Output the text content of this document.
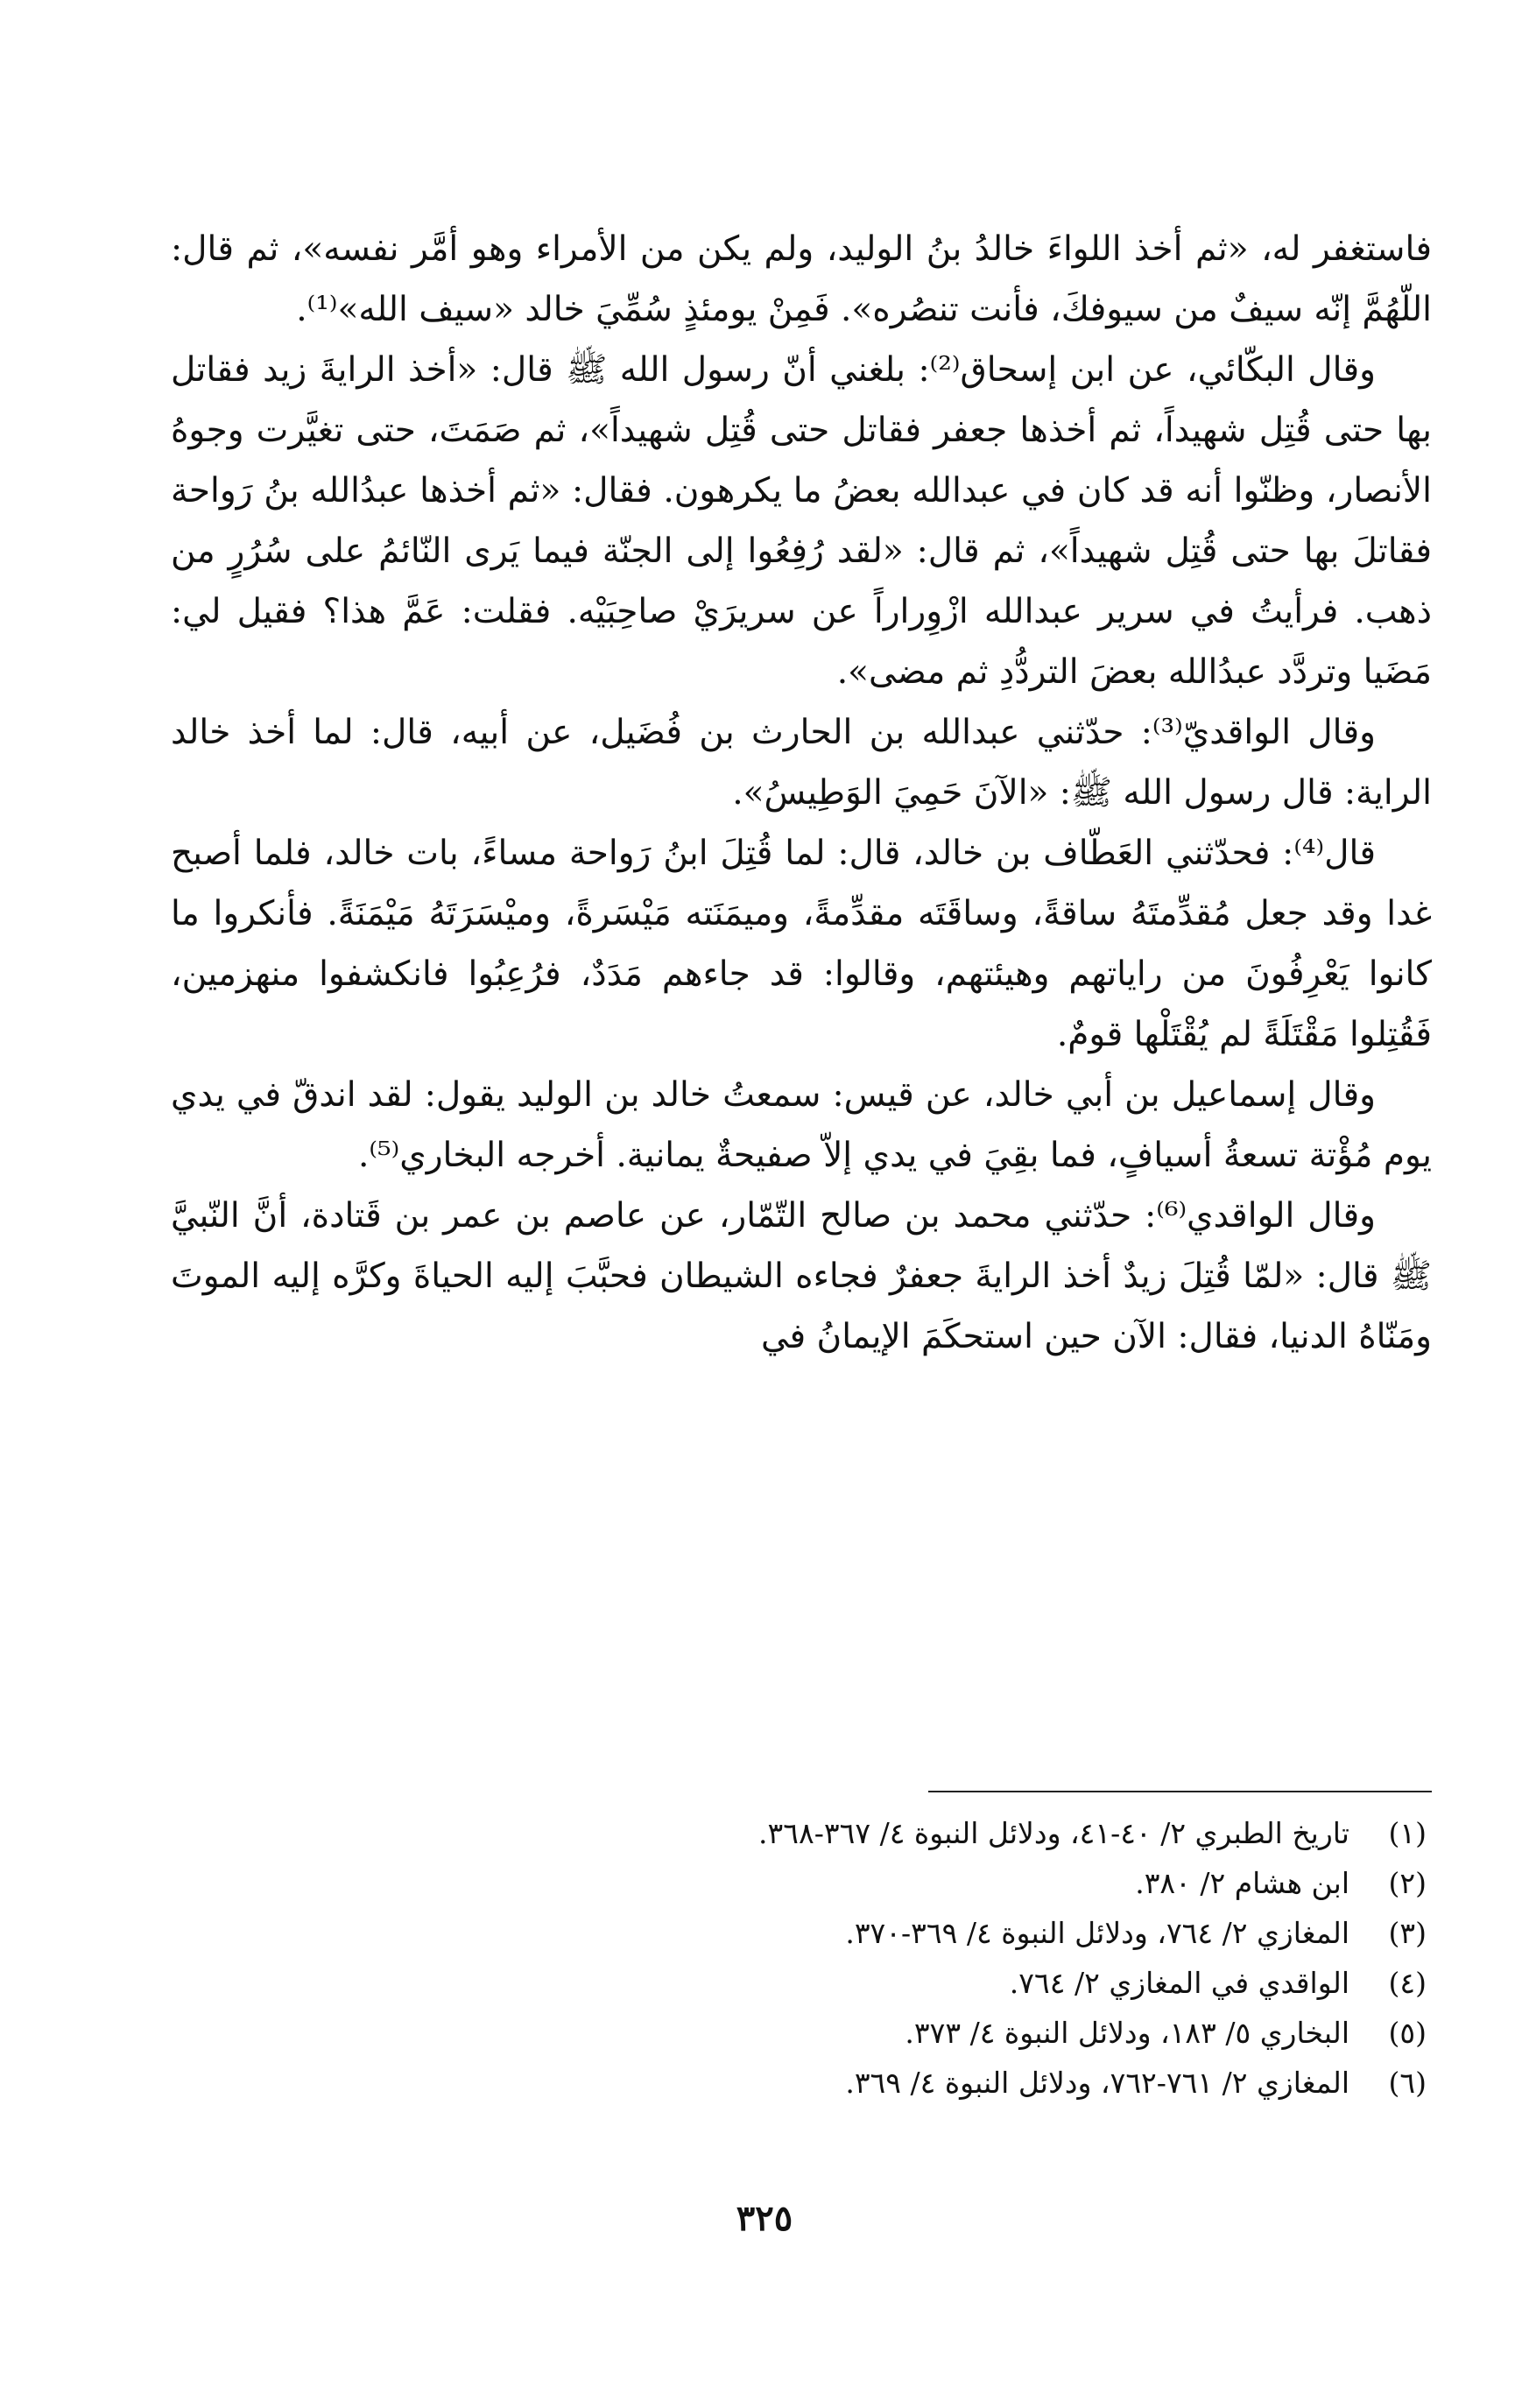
فاستغفر له، «ثم أخذ اللواءَ خالدُ بنُ الوليد، ولم يكن من الأمراء وهو أمَّر نفسه»، ثم قال: اللّهُمَّ إنّه سيفٌ من سيوفكَ، فأنت تنصُره». فَمِنْ يومئذٍ سُمِّيَ خالد «سيف الله»⁽¹⁾.

وقال البكّائي، عن ابن إسحاق⁽²⁾: بلغني أنّ رسول الله ﷺ قال: «أخذ الرايةَ زيد فقاتل بها حتى قُتِل شهيداً، ثم أخذها جعفر فقاتل حتى قُتِل شهيداً»، ثم صَمَتَ، حتى تغيَّرت وجوهُ الأنصار، وظنّوا أنه قد كان في عبدالله بعضُ ما يكرهون. فقال: «ثم أخذها عبدُالله بنُ رَواحة فقاتلَ بها حتى قُتِل شهيداً»، ثم قال: «لقد رُفِعُوا إلى الجنّة فيما يَرى النّائمُ على سُرُرٍ من ذهب. فرأيتُ في سرير عبدالله ازْوِراراً عن سريرَيْ صاحِبَيْه. فقلت: عَمَّ هذا؟ فقيل لي: مَضَيا وتردَّد عبدُالله بعضَ التردُّدِ ثم مضى».

وقال الواقديّ⁽³⁾: حدّثني عبدالله بن الحارث بن فُضَيل، عن أبيه، قال: لما أخذ خالد الراية: قال رسول الله ﷺ: «الآنَ حَمِيَ الوَطِيسُ».

قال⁽⁴⁾: فحدّثني العَطّاف بن خالد، قال: لما قُتِلَ ابنُ رَواحة مساءً، بات خالد، فلما أصبح غدا وقد جعل مُقدِّمتَهُ ساقةً، وساقَتَه مقدِّمةً، وميمَنَته مَيْسَرةً، وميْسَرَتَهُ مَيْمَنَةً. فأنكروا ما كانوا يَعْرِفُونَ من راياتهم وهيئتهم، وقالوا: قد جاءهم مَدَدٌ، فرُعِبُوا فانكشفوا منهزمين، فَقُتِلوا مَقْتَلَةً لم يُقْتَلْها قومٌ.

وقال إسماعيل بن أبي خالد، عن قيس: سمعتُ خالد بن الوليد يقول: لقد اندقّ في يدي يوم مُؤْتة تسعةُ أسيافٍ، فما بقِيَ في يدي إلاّ صفيحةٌ يمانية. أخرجه البخاري⁽⁵⁾.

وقال الواقدي⁽⁶⁾: حدّثني محمد بن صالح التّمّار، عن عاصم بن عمر بن قَتادة، أنَّ النّبيَّ ﷺ قال: «لمّا قُتِلَ زيدٌ أخذ الرايةَ جعفرٌ فجاءه الشيطان فحبَّبَ إليه الحياةَ وكرَّه إليه الموتَ ومَنّاهُ الدنيا، فقال: الآن حين استحكَمَ الإيمانُ في

(١)
تاريخ الطبري ٢/ ٤٠-٤١، ودلائل النبوة ٤/ ٣٦٧-٣٦٨.
(٢)
ابن هشام ٢/ ٣٨٠.
(٣)
المغازي ٢/ ٧٦٤، ودلائل النبوة ٤/ ٣٦٩-٣٧٠.
(٤)
الواقدي في المغازي ٢/ ٧٦٤.
(٥)
البخاري ٥/ ١٨٣، ودلائل النبوة ٤/ ٣٧٣.
(٦)
المغازي ٢/ ٧٦١-٧٦٢، ودلائل النبوة ٤/ ٣٦٩.
٣٢٥
